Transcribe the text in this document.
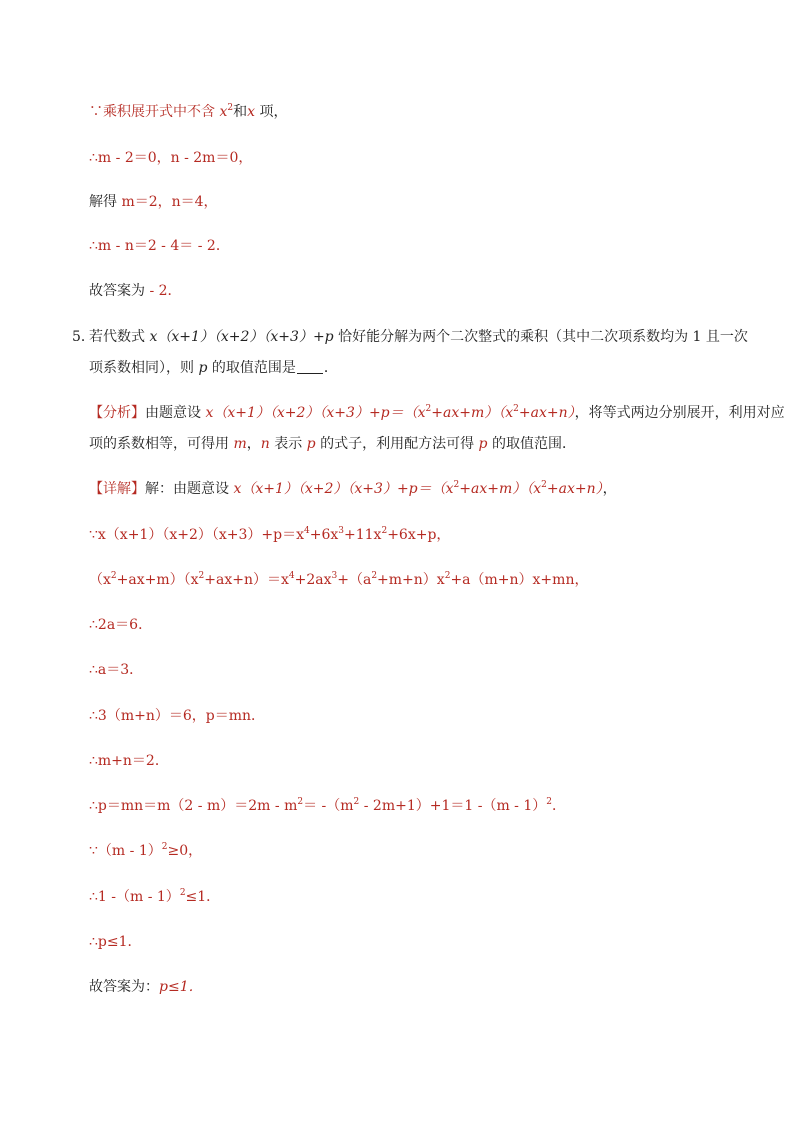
∵乘积展开式中不含 $x^2$和x 项，
∴m - 2＝0，n - 2m＝0，
解得 m＝2，n＝4，
∴m - n＝2 - 4＝ - 2．
故答案为 - 2．
5．
若代数式 x（x+1）（x+2）（x+3）+p 恰好能分解为两个二次整式的乘积（其中二次项系数均为 1 且一次
项系数相同），则 p 的取值范围是 ．
【分析】由题意设 $x(x+1)(x+2)(x+3)+p=(x^2+ax+m)(x^2+ax+n)$，将等式两边分别展开，利用对应
项的系数相等，可得用 m，n 表示 p 的式子，利用配方法可得 p 的取值范围．
【详解】解：由题意设 $x(x+1)(x+2)(x+3)+p=(x^2+ax+m)(x^2+ax+n)$，
$\because x(x+1)(x+2)(x+3)+p=x^4+6x^3+11x^2+6x+p$，
$(x^2+ax+m)(x^2+ax+n)=x^4+2ax^3+(a^2+m+n)x^2+a(m+n)x+mn$，
∴2a＝6．
∴a＝3．
∴3（m+n）＝6，p＝mn．
∴m+n＝2．
∴p＝mn＝m（2 - $m)=2m - m^2= -(m^2 - 2m+1)+1=1$ -（m - 1）$^2$．
∵（m - 1）$^2$≥0，
∴1 -（m - 1）$^2$≤1．
∴p≤1．
故答案为：p≤1．
